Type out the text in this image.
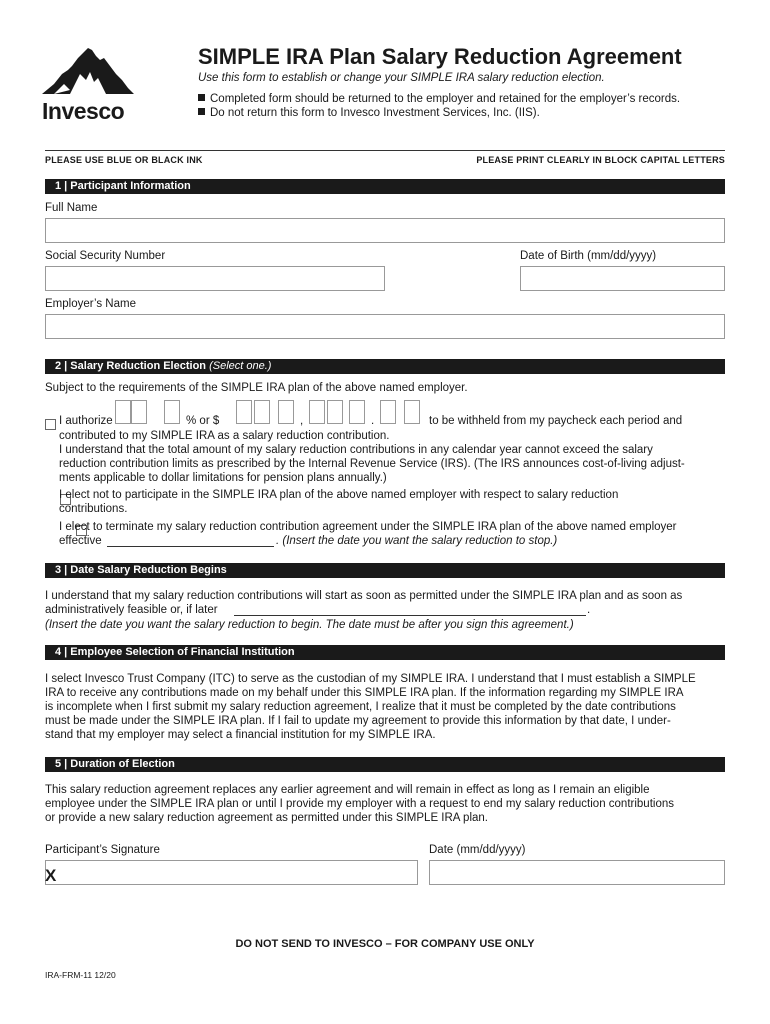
Invesco
SIMPLE IRA Plan Salary Reduction Agreement
Use this form to establish or change your SIMPLE IRA salary reduction election.
Completed form should be returned to the employer and retained for the employer’s records.
Do not return this form to Invesco Investment Services, Inc. (IIS).
PLEASE USE BLUE OR BLACK INK	PLEASE PRINT CLEARLY IN BLOCK CAPITAL LETTERS
1 | Participant Information
Full Name
Social Security Number	Date of Birth (mm/dd/yyyy)
Employer’s Name
2 | Salary Reduction Election (Select one.)
Subject to the requirements of the SIMPLE IRA plan of the above named employer.

I authorize	% or $	,	.	to be withheld from my paycheck each period and
contributed to my SIMPLE IRA as a salary reduction contribution.
I understand that the total amount of my salary reduction contributions in any calendar year cannot exceed the salary
reduction contribution limits as prescribed by the Internal Revenue Service (IRS). (The IRS announces cost-of-living adjust-
ments applicable to dollar limitations for pension plans annually.)

I elect not to participate in the SIMPLE IRA plan of the above named employer with respect to salary reduction
contributions.
I elect to terminate my salary reduction contribution agreement under the SIMPLE IRA plan of the above named employer
effective	. (Insert the date you want the salary reduction to stop.)
3 | Date Salary Reduction Begins
I understand that my salary reduction contributions will start as soon as permitted under the SIMPLE IRA plan and as soon as
administratively feasible or, if later	.
(Insert the date you want the salary reduction to begin. The date must be after you sign this agreement.)
4 | Employee Selection of Financial Institution
I select Invesco Trust Company (ITC) to serve as the custodian of my SIMPLE IRA. I understand that I must establish a SIMPLE
IRA to receive any contributions made on my behalf under this SIMPLE IRA plan. If the information regarding my SIMPLE IRA
is incomplete when I first submit my salary reduction agreement, I realize that it must be completed by the date contributions
must be made under the SIMPLE IRA plan. If I fail to update my agreement to provide this information by that date, I under-
stand that my employer may select a financial institution for my SIMPLE IRA.
5 | Duration of Election
This salary reduction agreement replaces any earlier agreement and will remain in effect as long as I remain an eligible
employee under the SIMPLE IRA plan or until I provide my employer with a request to end my salary reduction contributions
or provide a new salary reduction agreement as permitted under this SIMPLE IRA plan.
Participant’s Signature
X
Date (mm/dd/yyyy)
DO NOT SEND TO INVESCO – FOR COMPANY USE ONLY
IRA-FRM-11 12/20
